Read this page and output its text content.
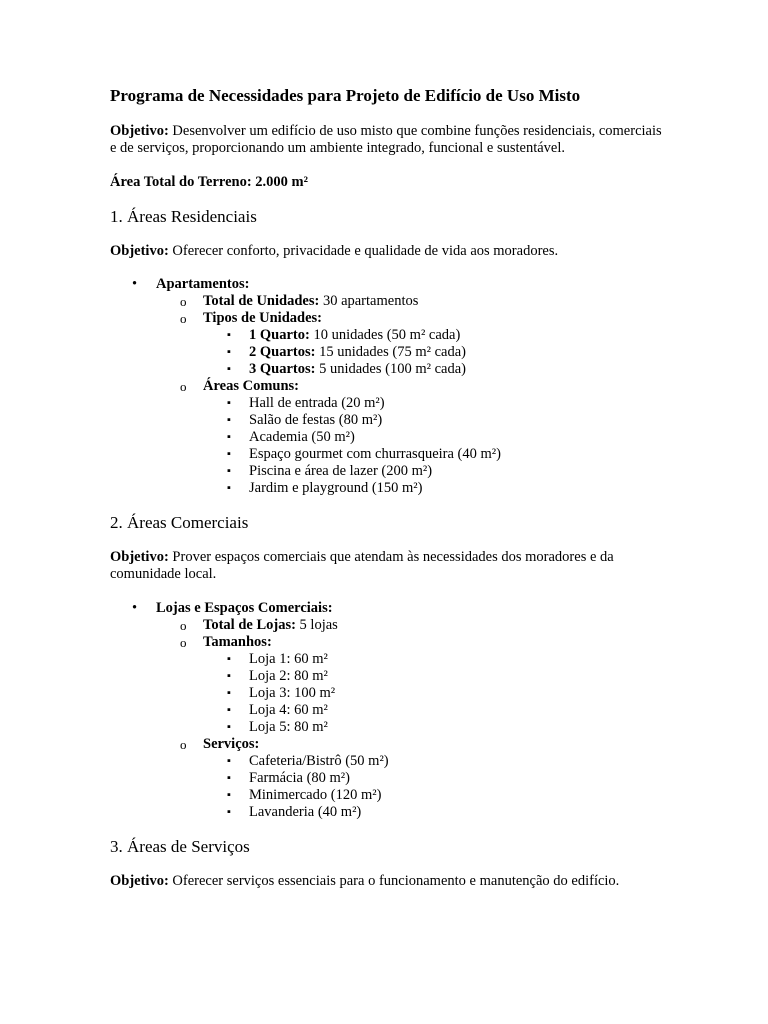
Programa de Necessidades para Projeto de Edifício de Uso Misto

Objetivo: Desenvolver um edifício de uso misto que combine funções residenciais, comerciais e de serviços, proporcionando um ambiente integrado, funcional e sustentável.

Área Total do Terreno: 2.000 m²

1. Áreas Residenciais

Objetivo: Oferecer conforto, privacidade e qualidade de vida aos moradores.

• Apartamentos:
o Total de Unidades: 30 apartamentos
o Tipos de Unidades:
▪ 1 Quarto: 10 unidades (50 m² cada)
▪ 2 Quartos: 15 unidades (75 m² cada)
▪ 3 Quartos: 5 unidades (100 m² cada)
o Áreas Comuns:
▪ Hall de entrada (20 m²)
▪ Salão de festas (80 m²)
▪ Academia (50 m²)
▪ Espaço gourmet com churrasqueira (40 m²)
▪ Piscina e área de lazer (200 m²)
▪ Jardim e playground (150 m²)
2. Áreas Comerciais

Objetivo: Prover espaços comerciais que atendam às necessidades dos moradores e da comunidade local.

• Lojas e Espaços Comerciais:
o Total de Lojas: 5 lojas
o Tamanhos:
▪ Loja 1: 60 m²
▪ Loja 2: 80 m²
▪ Loja 3: 100 m²
▪ Loja 4: 60 m²
▪ Loja 5: 80 m²
o Serviços:
▪ Cafeteria/Bistrô (50 m²)
▪ Farmácia (80 m²)
▪ Minimercado (120 m²)
▪ Lavanderia (40 m²)
3. Áreas de Serviços

Objetivo: Oferecer serviços essenciais para o funcionamento e manutenção do edifício.
